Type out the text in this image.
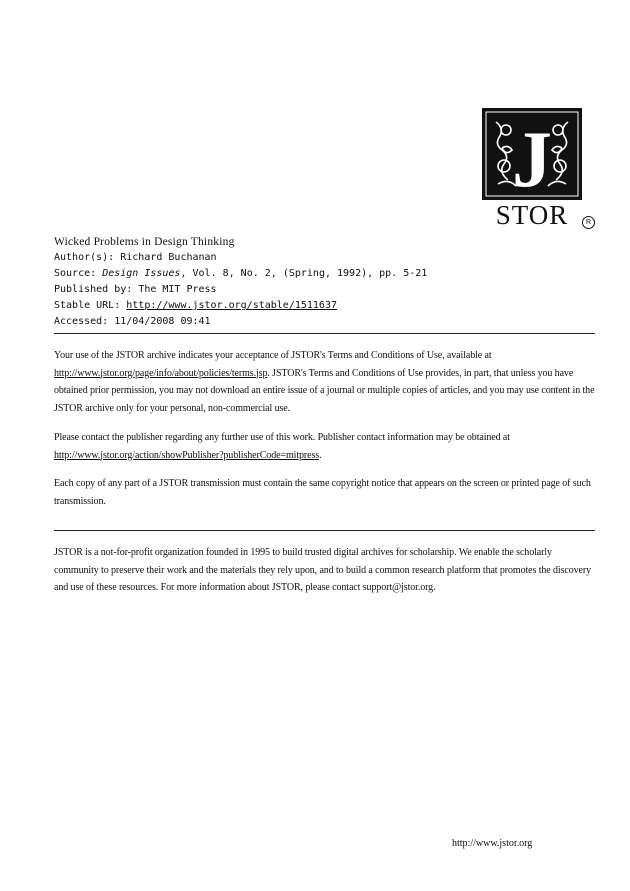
J
STOR	R
Wicked Problems in Design Thinking
Author(s): Richard Buchanan
Source: Design Issues, Vol. 8, No. 2, (Spring, 1992), pp. 5-21
Published by: The MIT Press
Stable URL: http://www.jstor.org/stable/1511637
Accessed: 11/04/2008 09:41
Your use of the JSTOR archive indicates your acceptance of JSTOR's Terms and Conditions of Use, available at http://www.jstor.org/page/info/about/policies/terms.jsp. JSTOR's Terms and Conditions of Use provides, in part, that unless you have obtained prior permission, you may not download an entire issue of a journal or multiple copies of articles, and you may use content in the JSTOR archive only for your personal, non-commercial use.
Please contact the publisher regarding any further use of this work. Publisher contact information may be obtained at http://www.jstor.org/action/showPublisher?publisherCode=mitpress.
Each copy of any part of a JSTOR transmission must contain the same copyright notice that appears on the screen or printed page of such transmission.
JSTOR is a not-for-profit organization founded in 1995 to build trusted digital archives for scholarship. We enable the scholarly community to preserve their work and the materials they rely upon, and to build a common research platform that promotes the discovery and use of these resources. For more information about JSTOR, please contact support@jstor.org.
http://www.jstor.org
